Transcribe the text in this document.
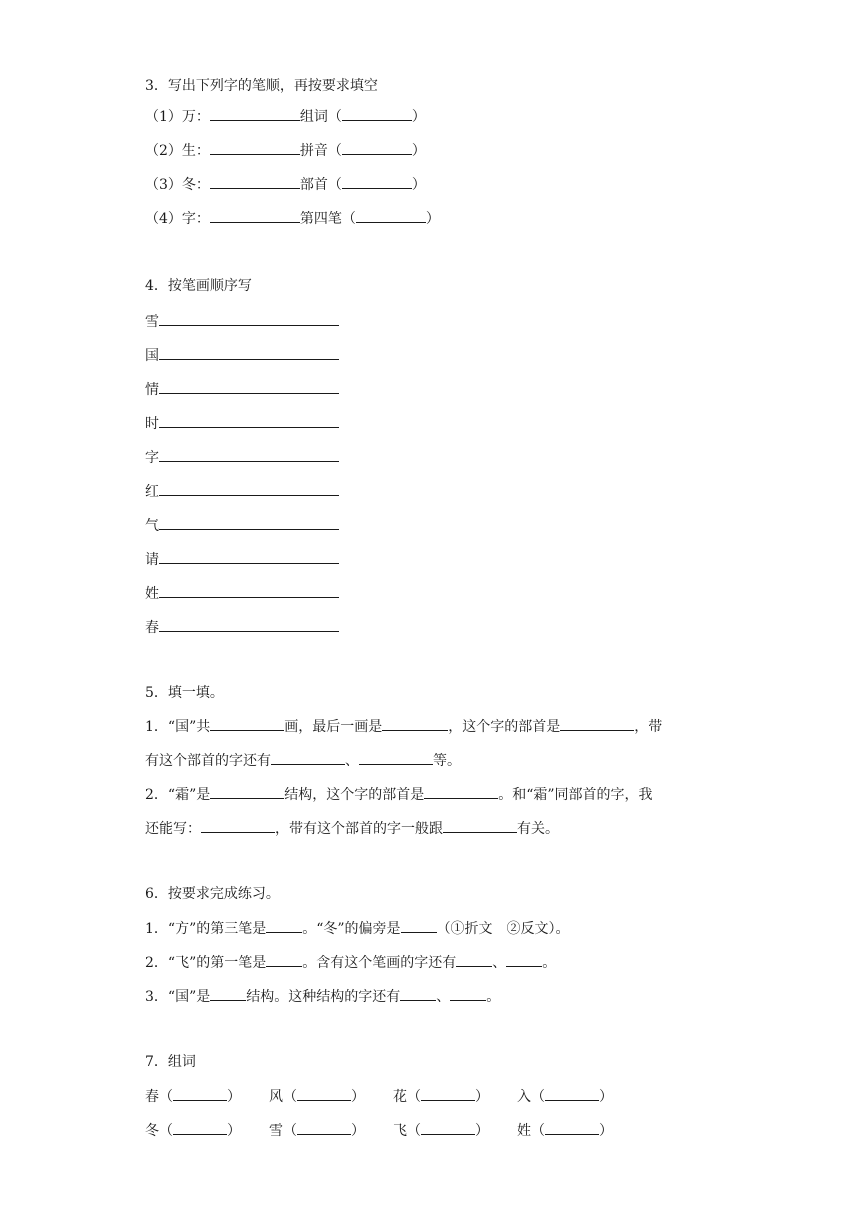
3．写出下列字的笔顺，再按要求填空
（1）万：	组词（	）
（2）生：	拼音（	）
（3）冬：	部首（	）
（4）字：	第四笔（	）
4．按笔画顺序写
雪
国
情
时
字
红
气
请
姓
春
5．填一填。
1．“国”共	画，最后一画是	，这个字的部首是	，带
有这个部首的字还有	、	等。
2．“霜”是	结构，这个字的部首是	。和“霜”同部首的字，我
还能写：	，带有这个部首的字一般跟	有关。
6．按要求完成练习。
1．“方”的第三笔是	。“冬”的偏旁是	（①折文　②反文）。
2．“飞”的第一笔是	。含有这个笔画的字还有	、	。
3．“国”是	结构。这种结构的字还有	、	。
7．组词
春（	） 风（	） 花（	） 入（	）
冬（	） 雪（	） 飞（	） 姓（	）
